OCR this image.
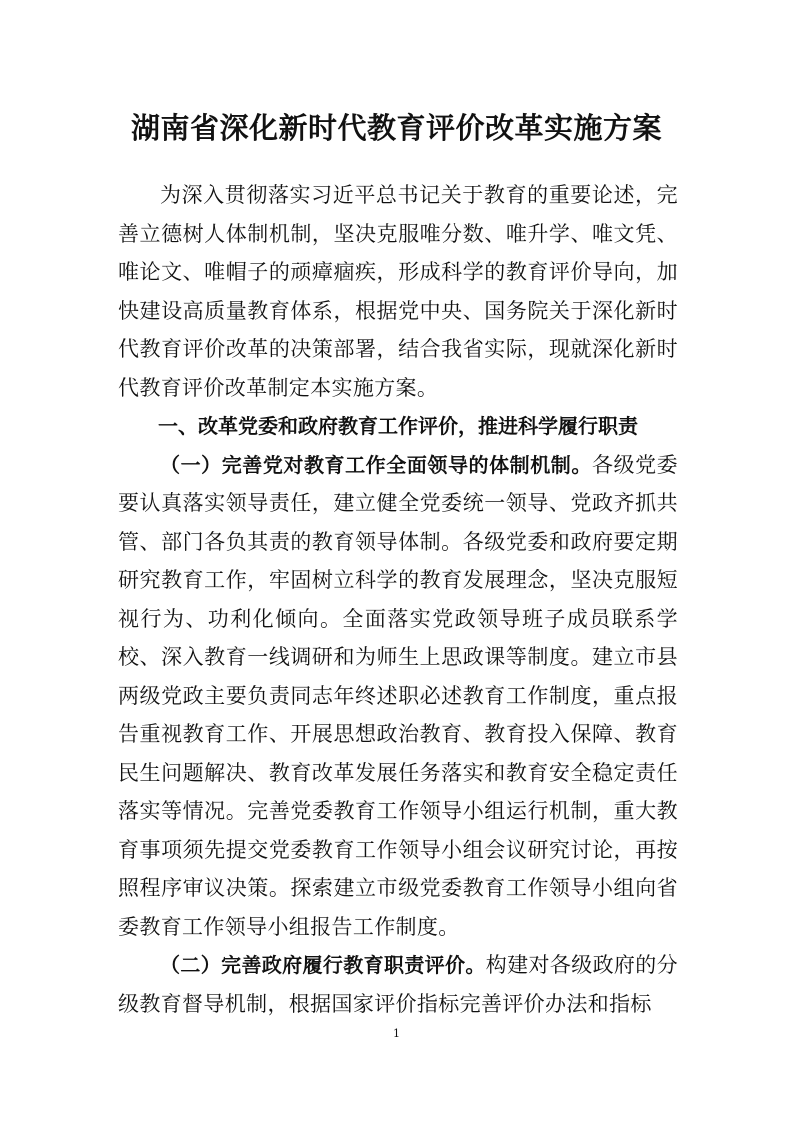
湖南省深化新时代教育评价改革实施方案

为深入贯彻落实习近平总书记关于教育的重要论述，完善立德树人体制机制，坚决克服唯分数、唯升学、唯文凭、唯论文、唯帽子的顽瘴痼疾，形成科学的教育评价导向，加快建设高质量教育体系，根据党中央、国务院关于深化新时代教育评价改革的决策部署，结合我省实际，现就深化新时代教育评价改革制定本实施方案。

一、改革党委和政府教育工作评价，推进科学履行职责

（一）完善党对教育工作全面领导的体制机制。各级党委要认真落实领导责任，建立健全党委统一领导、党政齐抓共管、部门各负其责的教育领导体制。各级党委和政府要定期研究教育工作，牢固树立科学的教育发展理念，坚决克服短视行为、功利化倾向。全面落实党政领导班子成员联系学校、深入教育一线调研和为师生上思政课等制度。建立市县两级党政主要负责同志年终述职必述教育工作制度，重点报告重视教育工作、开展思想政治教育、教育投入保障、教育民生问题解决、教育改革发展任务落实和教育安全稳定责任落实等情况。完善党委教育工作领导小组运行机制，重大教育事项须先提交党委教育工作领导小组会议研究讨论，再按照程序审议决策。探索建立市级党委教育工作领导小组向省委教育工作领导小组报告工作制度。

（二）完善政府履行教育职责评价。构建对各级政府的分级教育督导机制，根据国家评价指标完善评价办法和指标

1
